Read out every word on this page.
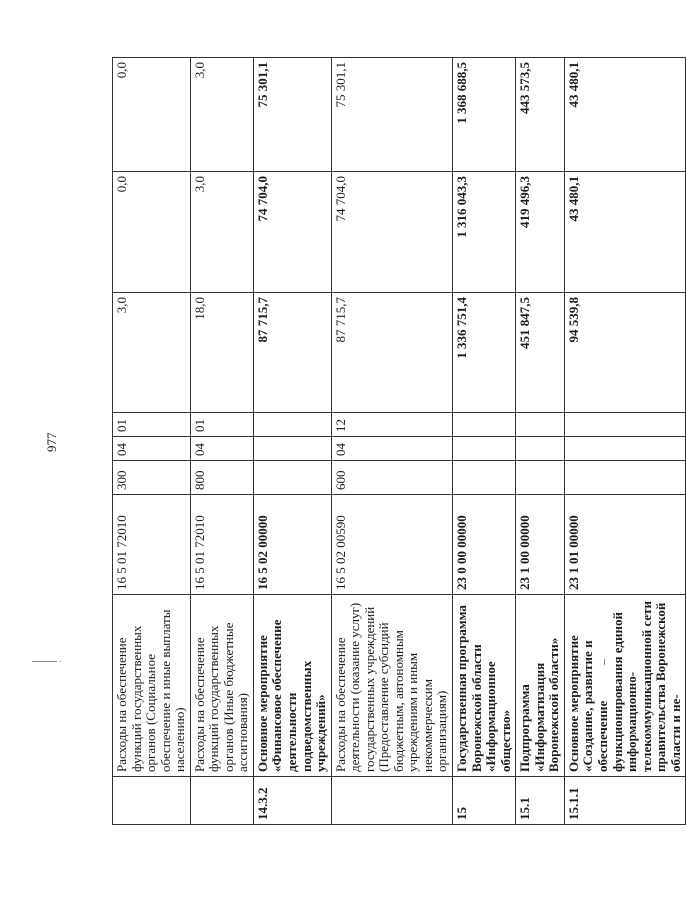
977
	Расходы на обеспечение функций государственных органов (Социальное обеспечение и иные выплаты населению)	16 5 01 72010	300	04	01	3,0	0,0	0,0
	Расходы на обеспечение функций государственных органов (Иные бюджетные ассигнования)	16 5 01 72010	800	04	01	18,0	3,0	3,0
14.3.2	Основное мероприятие «Финансовое обеспечение деятельности подведомственных учреждений»	16 5 02 00000				87 715,7	74 704,0	75 301,1
	Расходы на обеспечение деятельности (оказание услуг) государственных учреждений (Предоставление субсидий бюджетным, автономным учреждениям и иным некоммерческим организациям)	16 5 02 00590	600	04	12	87 715,7	74 704,0	75 301,1
15	Государственная программа Воронежской области «Информационное общество»	23 0 00 00000				1 336 751,4	1 316 043,3	1 368 688,5
15.1	Подпрограмма «Информатизация Воронежской области»	23 1 00 00000				451 847,5	419 496,3	443 573,5
15.1.1	Основное мероприятие «Создание, развитие и обеспечение функционирования единой информационно-телекоммуникационной сети правительства Воронежской области и не-	23 1 01 00000				94 539,8	43 480,1	43 480,1
